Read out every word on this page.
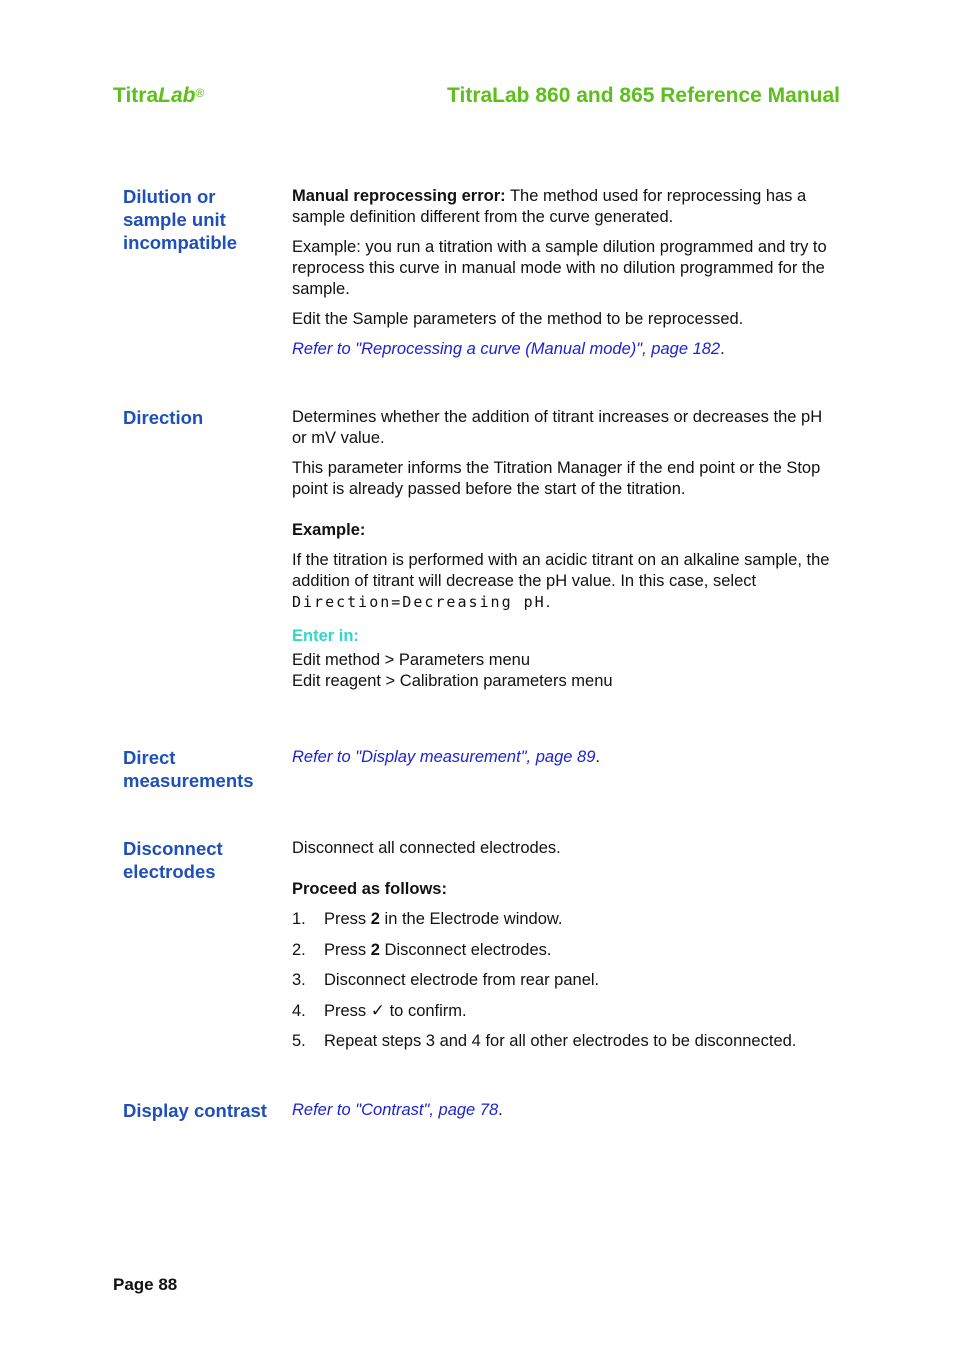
TitraLab®	TitraLab 860 and 865 Reference Manual
Dilution or sample unit incompatible

Manual reprocessing error: The method used for reprocessing has a sample definition different from the curve generated.

Example: you run a titration with a sample dilution programmed and try to reprocess this curve in manual mode with no dilution programmed for the sample.

Edit the Sample parameters of the method to be reprocessed.

Refer to "Reprocessing a curve (Manual mode)", page 182.

Direction	Determines whether the addition of titrant increases or decreases the pH or mV value.

This parameter informs the Titration Manager if the end point or the Stop point is already passed before the start of the titration.

Example:

If the titration is performed with an acidic titrant on an alkaline sample, the addition of titrant will decrease the pH value. In this case, select Direction=Decreasing pH.

Enter in:

Edit method > Parameters menu

Edit reagent > Calibration parameters menu

Direct measurements

Refer to "Display measurement", page 89.

Disconnect electrodes

Disconnect all connected electrodes.

Proceed as follows:

1. Press 2 in the Electrode window.
2. Press 2 Disconnect electrodes.
3. Disconnect electrode from rear panel.
4. Press ✓ to confirm.
5. Repeat steps 3 and 4 for all other electrodes to be disconnected.
Display contrast	Refer to "Contrast", page 78.

Page 88
